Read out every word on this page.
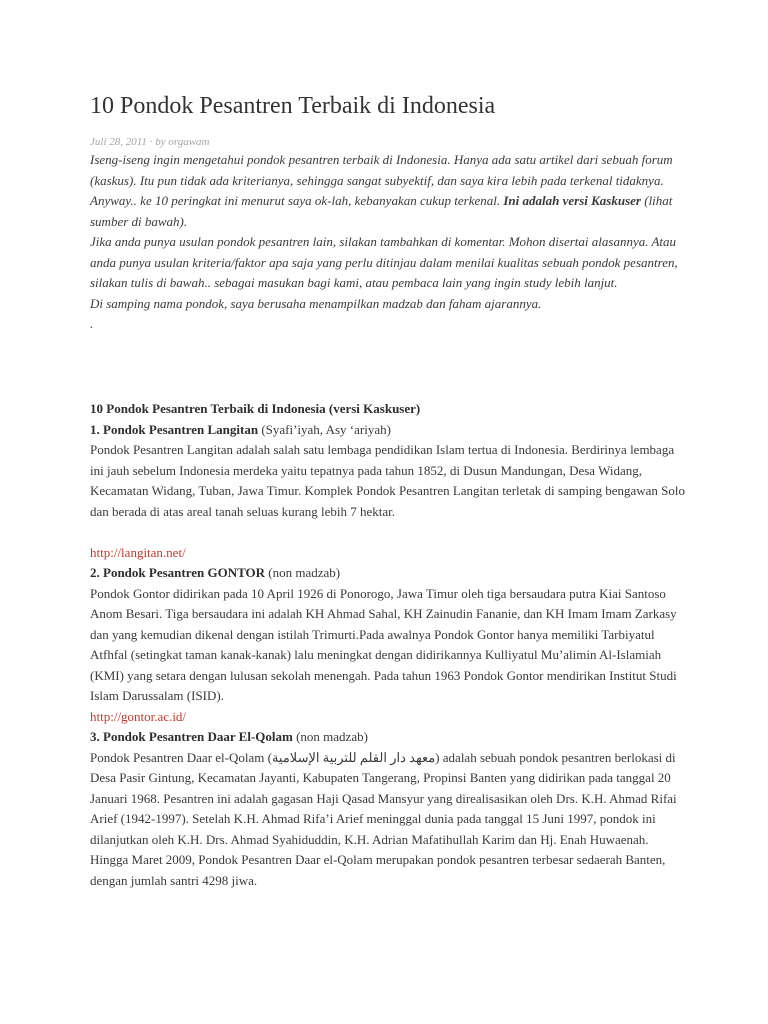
10 Pondok Pesantren Terbaik di Indonesia
Juli 28, 2011 · by orgawam

Iseng-iseng ingin mengetahui pondok pesantren terbaik di Indonesia. Hanya ada satu artikel dari sebuah forum (kaskus). Itu pun tidak ada kriterianya, sehingga sangat subyektif, dan saya kira lebih pada terkenal tidaknya.

Anyway.. ke 10 peringkat ini menurut saya ok-lah, kebanyakan cukup terkenal. Ini adalah versi Kaskuser (lihat sumber di bawah).

Jika anda punya usulan pondok pesantren lain, silakan tambahkan di komentar. Mohon disertai alasannya. Atau anda punya usulan kriteria/faktor apa saja yang perlu ditinjau dalam menilai kualitas sebuah pondok pesantren, silakan tulis di bawah.. sebagai masukan bagi kami, atau pembaca lain yang ingin study lebih lanjut.

Di samping nama pondok, saya berusaha menampilkan madzab dan faham ajarannya.

.

10 Pondok Pesantren Terbaik di Indonesia (versi Kaskuser)

1. Pondok Pesantren Langitan (Syafi’iyah, Asy ‘ariyah)

Pondok Pesantren Langitan adalah salah satu lembaga pendidikan Islam tertua di Indonesia. Berdirinya lembaga ini jauh sebelum Indonesia merdeka yaitu tepatnya pada tahun 1852, di Dusun Mandungan, Desa Widang, Kecamatan Widang, Tuban, Jawa Timur. Komplek Pondok Pesantren Langitan terletak di samping bengawan Solo dan berada di atas areal tanah seluas kurang lebih 7 hektar.

http://langitan.net/

2. Pondok Pesantren GONTOR (non madzab)

Pondok Gontor didirikan pada 10 April 1926 di Ponorogo, Jawa Timur oleh tiga bersaudara putra Kiai Santoso Anom Besari. Tiga bersaudara ini adalah KH Ahmad Sahal, KH Zainudin Fananie, dan KH Imam Imam Zarkasy dan yang kemudian dikenal dengan istilah Trimurti.Pada awalnya Pondok Gontor hanya memiliki Tarbiyatul Atfhfal (setingkat taman kanak-kanak) lalu meningkat dengan didirikannya Kulliyatul Mu’alimin Al-Islamiah (KMI) yang setara dengan lulusan sekolah menengah. Pada tahun 1963 Pondok Gontor mendirikan Institut Studi Islam Darussalam (ISID).

http://gontor.ac.id/

3. Pondok Pesantren Daar El-Qolam (non madzab)

Pondok Pesantren Daar el-Qolam (معهد دار القلم للتربية الإسلامية) adalah sebuah pondok pesantren berlokasi di Desa Pasir Gintung, Kecamatan Jayanti, Kabupaten Tangerang, Propinsi Banten yang didirikan pada tanggal 20 Januari 1968. Pesantren ini adalah gagasan Haji Qasad Mansyur yang direalisasikan oleh Drs. K.H. Ahmad Rifai Arief (1942-1997). Setelah K.H. Ahmad Rifa’i Arief meninggal dunia pada tanggal 15 Juni 1997, pondok ini dilanjutkan oleh K.H. Drs. Ahmad Syahiduddin, K.H. Adrian Mafatihullah Karim dan Hj. Enah Huwaenah. Hingga Maret 2009, Pondok Pesantren Daar el-Qolam merupakan pondok pesantren terbesar sedaerah Banten, dengan jumlah santri 4298 jiwa.
